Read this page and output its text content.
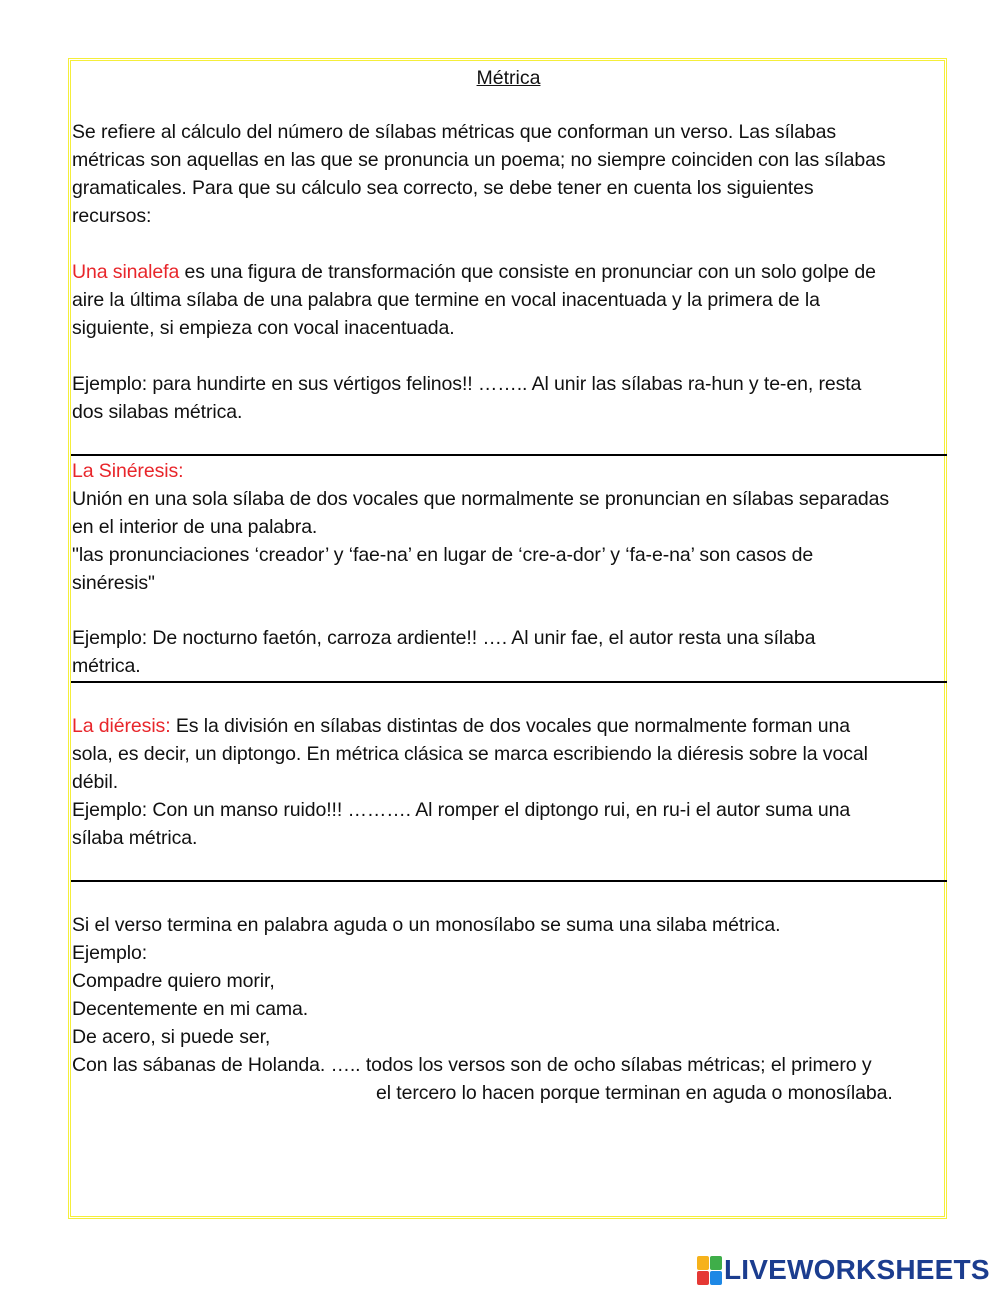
Métrica
Se refiere al cálculo del número de sílabas métricas que conforman un verso. Las sílabas
métricas son aquellas en las que se pronuncia un poema; no siempre coinciden con las sílabas
gramaticales. Para que su cálculo sea correcto, se debe tener en cuenta los siguientes
recursos:
Una sinalefa es una figura de transformación que consiste en pronunciar con un solo golpe de
aire la última sílaba de una palabra que termine en vocal inacentuada y la primera de la
siguiente, si empieza con vocal inacentuada.
Ejemplo: para hundirte en sus vértigos felinos!! …….. Al unir las sílabas ra-hun y te-en, resta
dos silabas métrica.
La Sinéresis:
Unión en una sola sílaba de dos vocales que normalmente se pronuncian en sílabas separadas
en el interior de una palabra.
"las pronunciaciones ‘creador’ y ‘fae-na’ en lugar de ‘cre-a-dor’ y ‘fa-e-na’ son casos de
sinéresis"
Ejemplo: De nocturno faetón, carroza ardiente!! …. Al unir fae, el autor resta una sílaba
métrica.
La diéresis: Es la división en sílabas distintas de dos vocales que normalmente forman una
sola, es decir, un diptongo. En métrica clásica se marca escribiendo la diéresis sobre la vocal
débil.
Ejemplo: Con un manso ruido!!! ………. Al romper el diptongo rui, en ru-i el autor suma una
sílaba métrica.
Si el verso termina en palabra aguda o un monosílabo se suma una silaba métrica.
Ejemplo:
Compadre quiero morir,
Decentemente en mi cama.
De acero, si puede ser,
Con las sábanas de Holanda. ….. todos los versos son de ocho sílabas métricas; el primero y
el tercero lo hacen porque terminan en aguda o monosílaba.
LIVEWORKSHEETS
